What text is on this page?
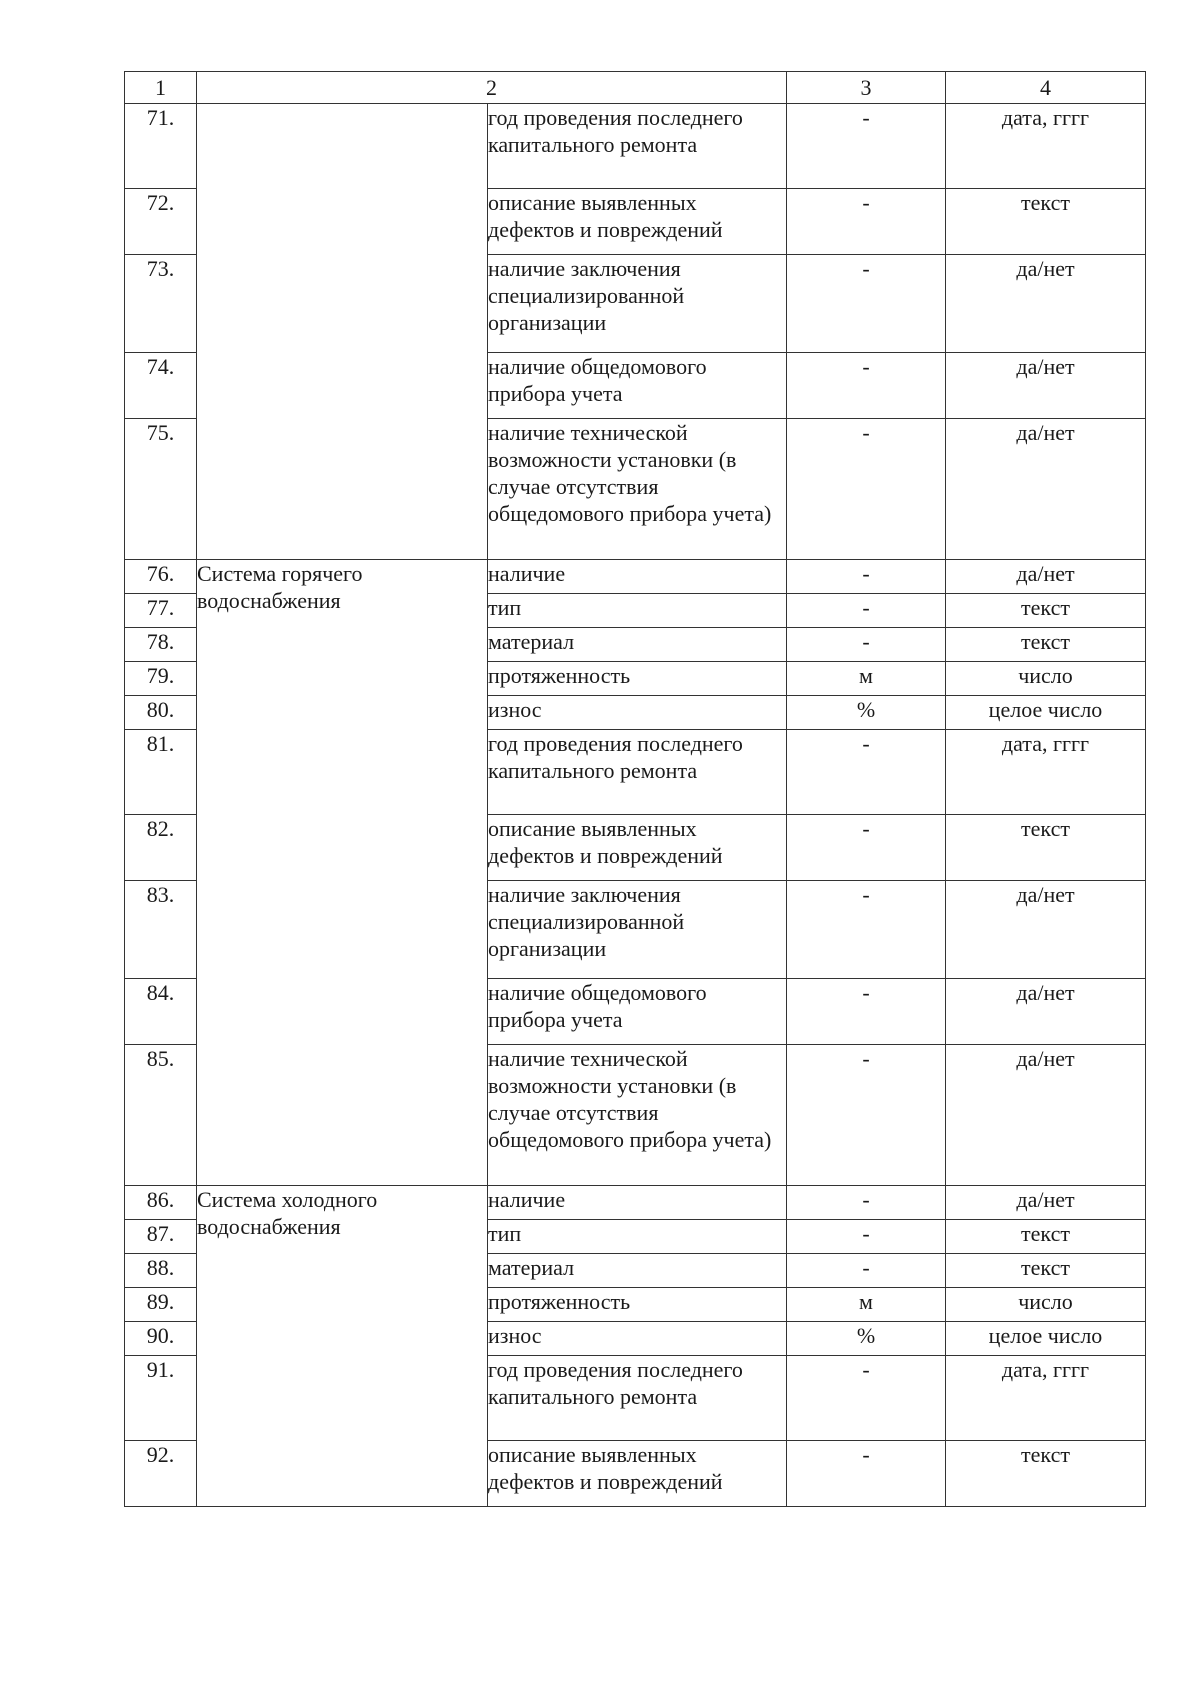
1	2		3	4
71.		год проведения последнего капитального ремонта	-	дата, гггг
72.		описание выявленных дефектов и повреждений	-	текст
73.		наличие заключения специализированной организации	-	да/нет
74.		наличие общедомового прибора учета	-	да/нет
75.		наличие технической возможности установки (в случае отсутствия общедомового прибора учета)	-	да/нет
76.	Система горячего водоснабжения	наличие	-	да/нет
77.		тип	-	текст
78.		материал	-	текст
79.		протяженность	м	число
80.		износ	%	целое число
81.		год проведения последнего капитального ремонта	-	дата, гггг
82.		описание выявленных дефектов и повреждений	-	текст
83.		наличие заключения специализированной организации	-	да/нет
84.		наличие общедомового прибора учета	-	да/нет
85.		наличие технической возможности установки (в случае отсутствия общедомового прибора учета)	-	да/нет
86.	Система холодного водоснабжения	наличие	-	да/нет
87.		тип	-	текст
88.		материал	-	текст
89.		протяженность	м	число
90.		износ	%	целое число
91.		год проведения последнего капитального ремонта	-	дата, гггг
92.		описание выявленных дефектов и повреждений	-	текст
